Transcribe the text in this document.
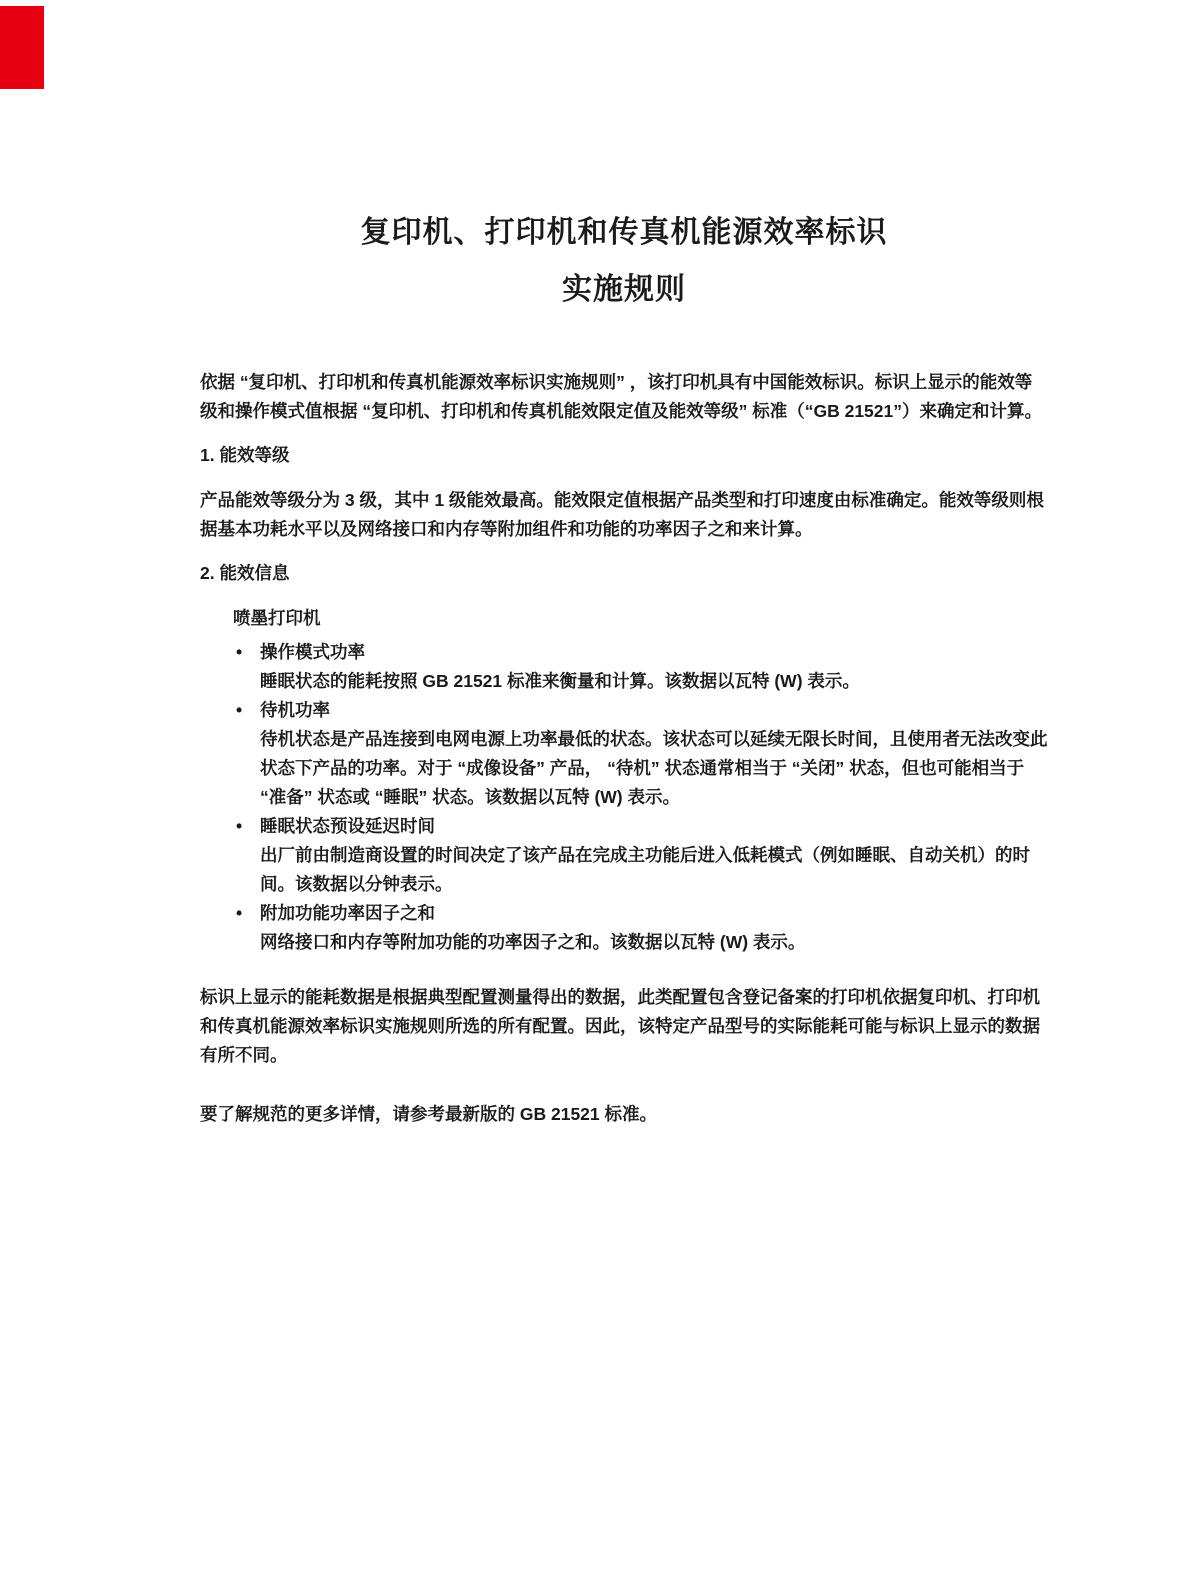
复印机、打印机和传真机能源效率标识
实施规则

依据 “复印机、打印机和传真机能源效率标识实施规则” ，该打印机具有中国能效标识。标识上显示的能效等级和操作模式值根据 “复印机、打印机和传真机能效限定值及能效等级” 标准（“GB 21521”）来确定和计算。

1. 能效等级

产品能效等级分为 3 级，其中 1 级能效最高。能效限定值根据产品类型和打印速度由标准确定。能效等级则根据基本功耗水平以及网络接口和内存等附加组件和功能的功率因子之和来计算。

2. 能效信息

喷墨打印机

•	操作模式功率
睡眠状态的能耗按照 GB 21521 标准来衡量和计算。该数据以瓦特 (W) 表示。
•	待机功率
待机状态是产品连接到电网电源上功率最低的状态。该状态可以延续无限长时间，且使用者无法改变此状态下产品的功率。对于 “成像设备” 产品， “待机” 状态通常相当于 “关闭” 状态，但也可能相当于 “准备” 状态或 “睡眠” 状态。该数据以瓦特 (W) 表示。
•	睡眠状态预设延迟时间
出厂前由制造商设置的时间决定了该产品在完成主功能后进入低耗模式（例如睡眠、自动关机）的时间。该数据以分钟表示。
•	附加功能功率因子之和
网络接口和内存等附加功能的功率因子之和。该数据以瓦特 (W) 表示。

标识上显示的能耗数据是根据典型配置测量得出的数据，此类配置包含登记备案的打印机依据复印机、打印机和传真机能源效率标识实施规则所选的所有配置。因此，该特定产品型号的实际能耗可能与标识上显示的数据有所不同。

要了解规范的更多详情，请参考最新版的 GB 21521 标准。
